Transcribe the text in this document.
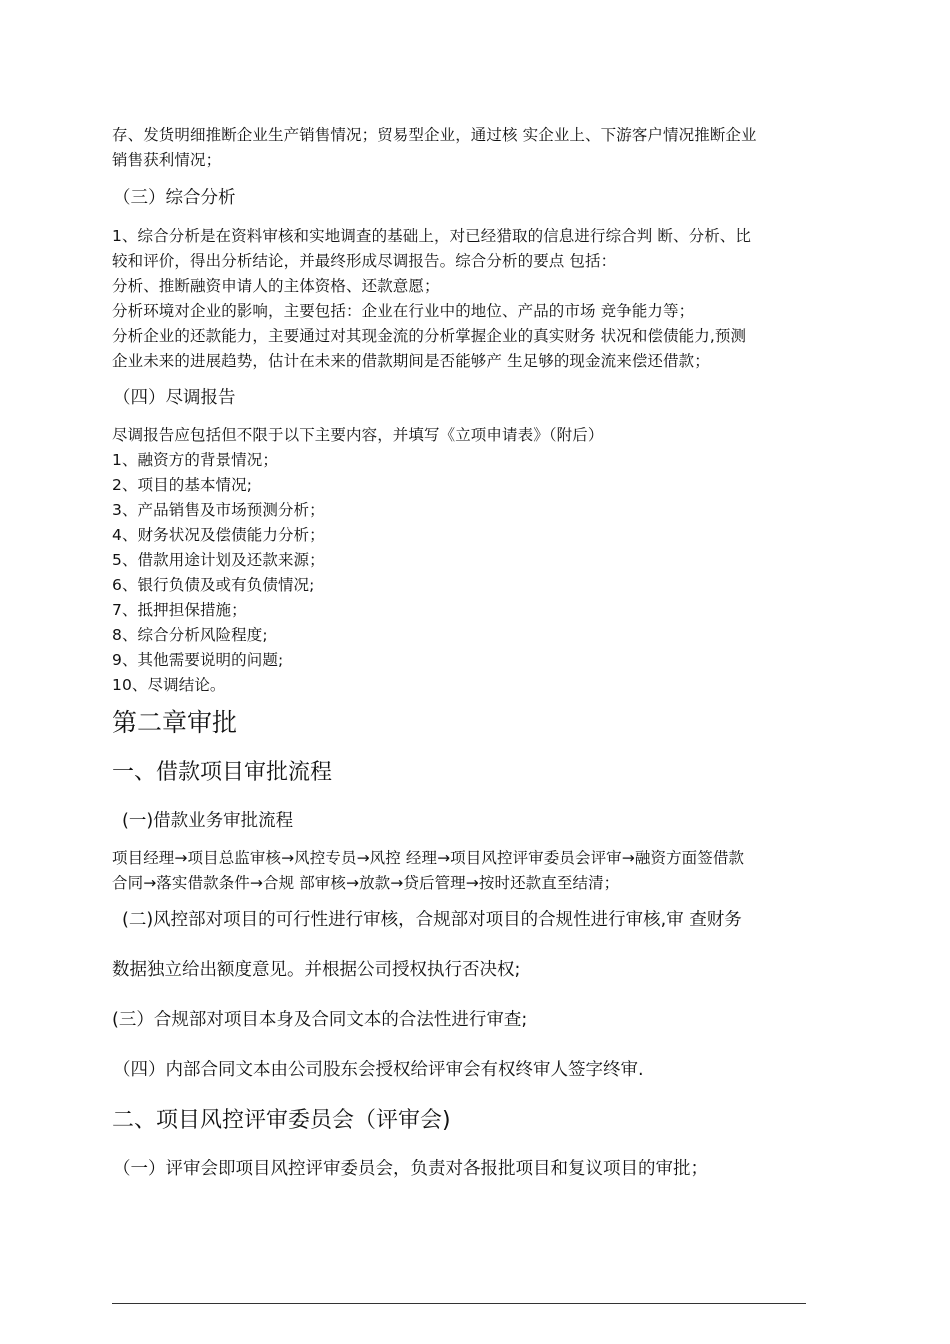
存、发货明细推断企业生产销售情况；贸易型企业，通过核 实企业上、下游客户情况推断企业

销售获利情况；

（三）综合分析

1、综合分析是在资料审核和实地调查的基础上，对已经猎取的信息进行综合判 断、分析、比

较和评价，得出分析结论，并最终形成尽调报告。综合分析的要点 包括：

分析、推断融资申请人的主体资格、还款意愿；

分析环境对企业的影响，主要包括：企业在行业中的地位、产品的市场 竞争能力等；

分析企业的还款能力，主要通过对其现金流的分析掌握企业的真实财务 状况和偿债能力,预测

企业未来的进展趋势，估计在未来的借款期间是否能够产 生足够的现金流来偿还借款；

（四）尽调报告

尽调报告应包括但不限于以下主要内容，并填写《立项申请表》（附后）

1、融资方的背景情况；

2、项目的基本情况;

3、产品销售及市场预测分析；

4、财务状况及偿债能力分析；

5、借款用途计划及还款来源；

6、银行负债及或有负债情况;

7、抵押担保措施；

8、综合分析风险程度;

9、其他需要说明的问题;

10、尽调结论。

第二章审批
一、借款项目审批流程

(一)借款业务审批流程

项目经理→项目总监审核→风控专员→风控 经理→项目风控评审委员会评审→融资方面签借款

合同→落实借款条件→合规 部审核→放款→贷后管理→按时还款直至结清；

(二)风控部对项目的可行性进行审核，合规部对项目的合规性进行审核,审 查财务

数据独立给出额度意见。并根据公司授权执行否决权;

(三）合规部对项目本身及合同文本的合法性进行审查;

（四）内部合同文本由公司股东会授权给评审会有权终审人签字终审.

二、项目风控评审委员会（评审会)

（一）评审会即项目风控评审委员会，负责对各报批项目和复议项目的审批；
